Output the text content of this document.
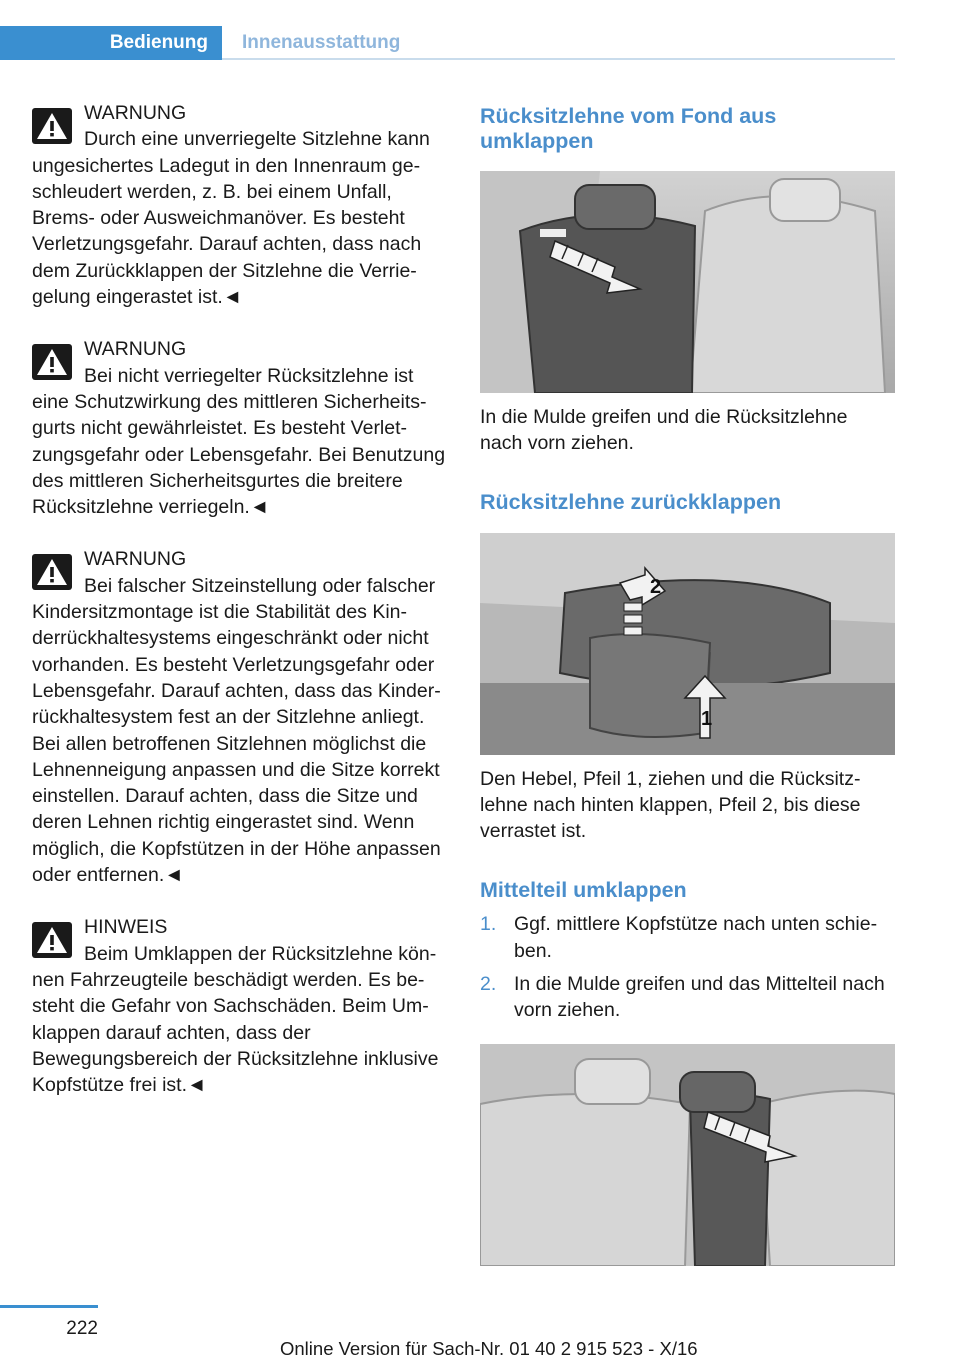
Bedienung	Innenausstattung
WARNUNG
Durch eine unverriegelte Sitzlehne kann
ungesichertes Ladegut in den Innenraum geschleudert werden, z. B. bei einem Unfall, Brems- oder Ausweichmanöver. Es besteht Verletzungsgefahr. Darauf achten, dass nach dem Zurückklappen der Sitzlehne die Verriegelung eingerastet ist.◄
WARNUNG
Bei nicht verriegelter Rücksitzlehne ist
eine Schutzwirkung des mittleren Sicherheitsgurts nicht gewährleistet. Es besteht Verletzungsgefahr oder Lebensgefahr. Bei Benutzung des mittleren Sicherheitsgurtes die breitere Rücksitzlehne verriegeln.◄
WARNUNG
Bei falscher Sitzeinstellung oder falscher
Kindersitzmontage ist die Stabilität des Kinderrückhaltesystems eingeschränkt oder nicht vorhanden. Es besteht Verletzungsgefahr oder Lebensgefahr. Darauf achten, dass das Kinderrückhaltesystem fest an der Sitzlehne anliegt. Bei allen betroffenen Sitzlehnen möglichst die Lehnenneigung anpassen und die Sitze korrekt einstellen. Darauf achten, dass die Sitze und deren Lehnen richtig eingerastet sind. Wenn möglich, die Kopfstützen in der Höhe anpassen oder entfernen.◄
HINWEIS
Beim Umklappen der Rücksitzlehne kön-
nen Fahrzeugteile beschädigt werden. Es besteht die Gefahr von Sachschäden. Beim Umklappen darauf achten, dass der Bewegungsbereich der Rücksitzlehne inklusive Kopfstütze frei ist.◄
Rücksitzlehne vom Fond aus umklappen

In die Mulde greifen und die Rücksitzlehne nach vorn ziehen.

Rücksitzlehne zurückklappen
2
1

Den Hebel, Pfeil 1, ziehen und die Rücksitzlehne nach hinten klappen, Pfeil 2, bis diese verrastet ist.

Mittelteil umklappen
1. Ggf. mittlere Kopfstütze nach unten schieben.
2. In die Mulde greifen und das Mittelteil nach vorn ziehen.
222
Online Version für Sach-Nr. 01 40 2 915 523 - X/16
